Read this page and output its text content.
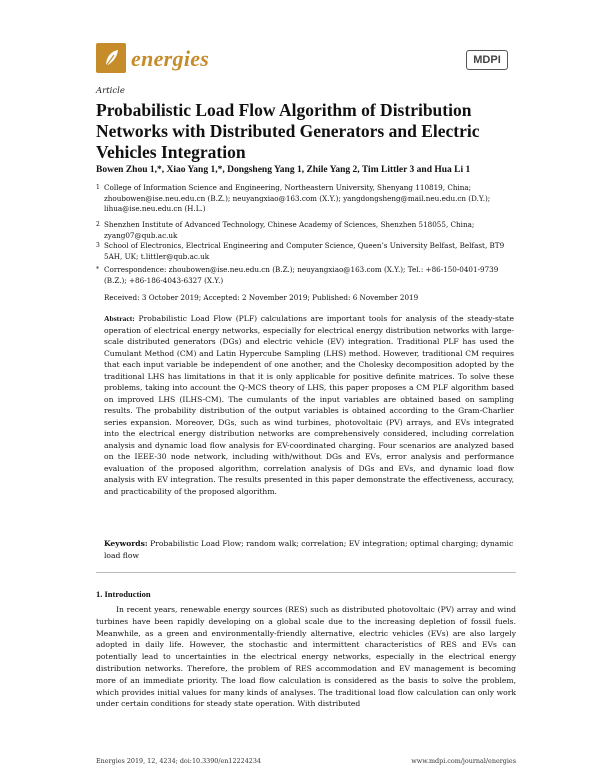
energies	MDPI
Article
Probabilistic Load Flow Algorithm of Distribution Networks with Distributed Generators and Electric Vehicles Integration
Bowen Zhou 1,*, Xiao Yang 1,*, Dongsheng Yang 1, Zhile Yang 2, Tim Littler 3 and Hua Li 1
1 College of Information Science and Engineering, Northeastern University, Shenyang 110819, China; zhoubowen@ise.neu.edu.cn (B.Z.); neuyangxiao@163.com (X.Y.); yangdongsheng@mail.neu.edu.cn (D.Y.); lihua@ise.neu.edu.cn (H.L.)
2 Shenzhen Institute of Advanced Technology, Chinese Academy of Sciences, Shenzhen 518055, China; zyang07@qub.ac.uk
3 School of Electronics, Electrical Engineering and Computer Science, Queen’s University Belfast, Belfast, BT9 5AH, UK; t.littler@qub.ac.uk
* Correspondence: zhoubowen@ise.neu.edu.cn (B.Z.); neuyangxiao@163.com (X.Y.); Tel.: +86-150-0401-9739 (B.Z.); +86-186-4043-6327 (X.Y.)
Received: 3 October 2019; Accepted: 2 November 2019; Published: 6 November 2019
Abstract: Probabilistic Load Flow (PLF) calculations are important tools for analysis of the steady-state operation of electrical energy networks, especially for electrical energy distribution networks with large-scale distributed generators (DGs) and electric vehicle (EV) integration. Traditional PLF has used the Cumulant Method (CM) and Latin Hypercube Sampling (LHS) method. However, traditional CM requires that each input variable be independent of one another, and the Cholesky decomposition adopted by the traditional LHS has limitations in that it is only applicable for positive definite matrices. To solve these problems, taking into account the Q-MCS theory of LHS, this paper proposes a CM PLF algorithm based on improved LHS (ILHS-CM). The cumulants of the input variables are obtained based on sampling results. The probability distribution of the output variables is obtained according to the Gram-Charlier series expansion. Moreover, DGs, such as wind turbines, photovoltaic (PV) arrays, and EVs integrated into the electrical energy distribution networks are comprehensively considered, including correlation analysis and dynamic load flow analysis for EV-coordinated charging. Four scenarios are analyzed based on the IEEE-30 node network, including with/without DGs and EVs, error analysis and performance evaluation of the proposed algorithm, correlation analysis of DGs and EVs, and dynamic load flow analysis with EV integration. The results presented in this paper demonstrate the effectiveness, accuracy, and practicability of the proposed algorithm.
Keywords: Probabilistic Load Flow; random walk; correlation; EV integration; optimal charging; dynamic load flow
1. Introduction

In recent years, renewable energy sources (RES) such as distributed photovoltaic (PV) array and wind turbines have been rapidly developing on a global scale due to the increasing depletion of fossil fuels. Meanwhile, as a green and environmentally-friendly alternative, electric vehicles (EVs) are also largely adopted in daily life. However, the stochastic and intermittent characteristics of RES and EVs can potentially lead to uncertainties in the electrical energy networks, especially in the electrical energy distribution networks. Therefore, the problem of RES accommodation and EV management is becoming more of an immediate priority. The load flow calculation is considered as the basis to solve the problem, which provides initial values for many kinds of analyses. The traditional load flow calculation can only work under certain conditions for steady state operation. With distributed

Energies 2019, 12, 4234; doi:10.3390/en12224234	www.mdpi.com/journal/energies
